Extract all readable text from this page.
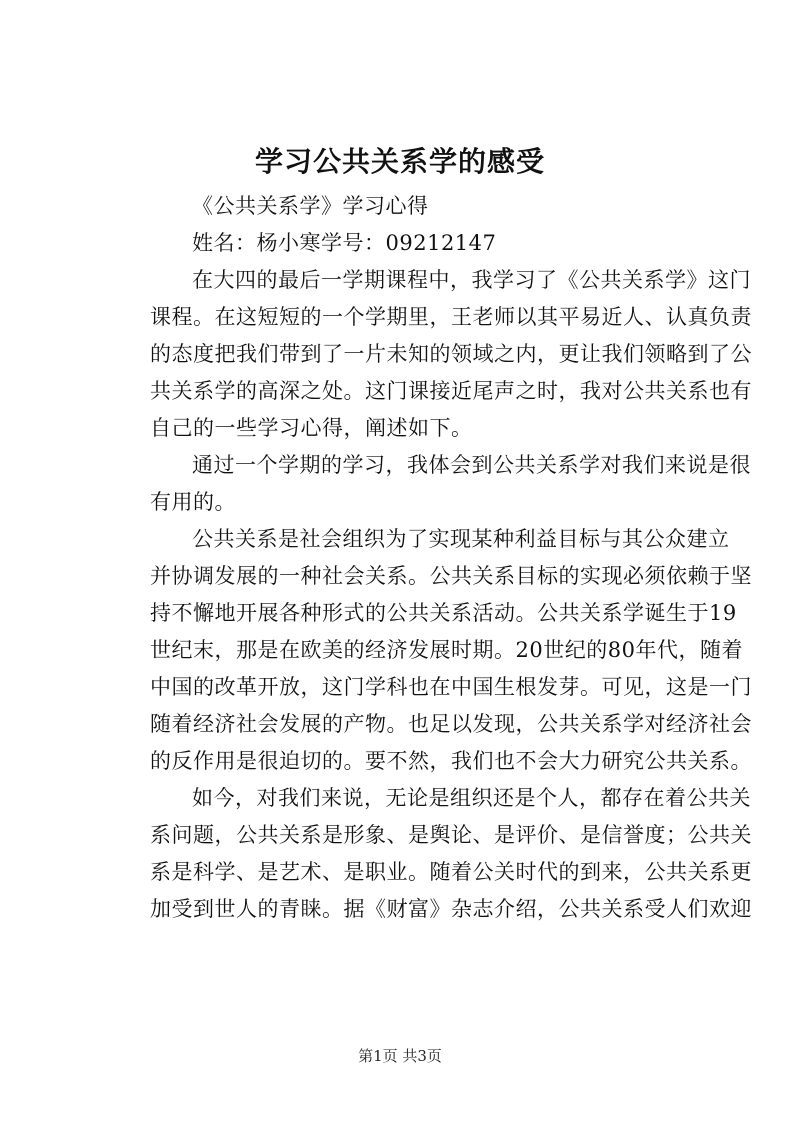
学习公共关系学的感受
《公共关系学》学习心得
姓名：杨小寒学号：09212147
在大四的最后一学期课程中，我学习了《公共关系学》这门
课程。在这短短的一个学期里，王老师以其平易近人、认真负责
的态度把我们带到了一片未知的领域之内，更让我们领略到了公
共关系学的高深之处。这门课接近尾声之时，我对公共关系也有
自己的一些学习心得，阐述如下。
通过一个学期的学习，我体会到公共关系学对我们来说是很
有用的。
公共关系是社会组织为了实现某种利益目标与其公众建立
并协调发展的一种社会关系。公共关系目标的实现必须依赖于坚
持不懈地开展各种形式的公共关系活动。公共关系学诞生于19
世纪末，那是在欧美的经济发展时期。20世纪的80年代，随着
中国的改革开放，这门学科也在中国生根发芽。可见，这是一门
随着经济社会发展的产物。也足以发现，公共关系学对经济社会
的反作用是很迫切的。要不然，我们也不会大力研究公共关系。
如今，对我们来说，无论是组织还是个人，都存在着公共关
系问题，公共关系是形象、是舆论、是评价、是信誉度；公共关
系是科学、是艺术、是职业。随着公关时代的到来，公共关系更
加受到世人的青睐。据《财富》杂志介绍，公共关系受人们欢迎
第1页 共3页
